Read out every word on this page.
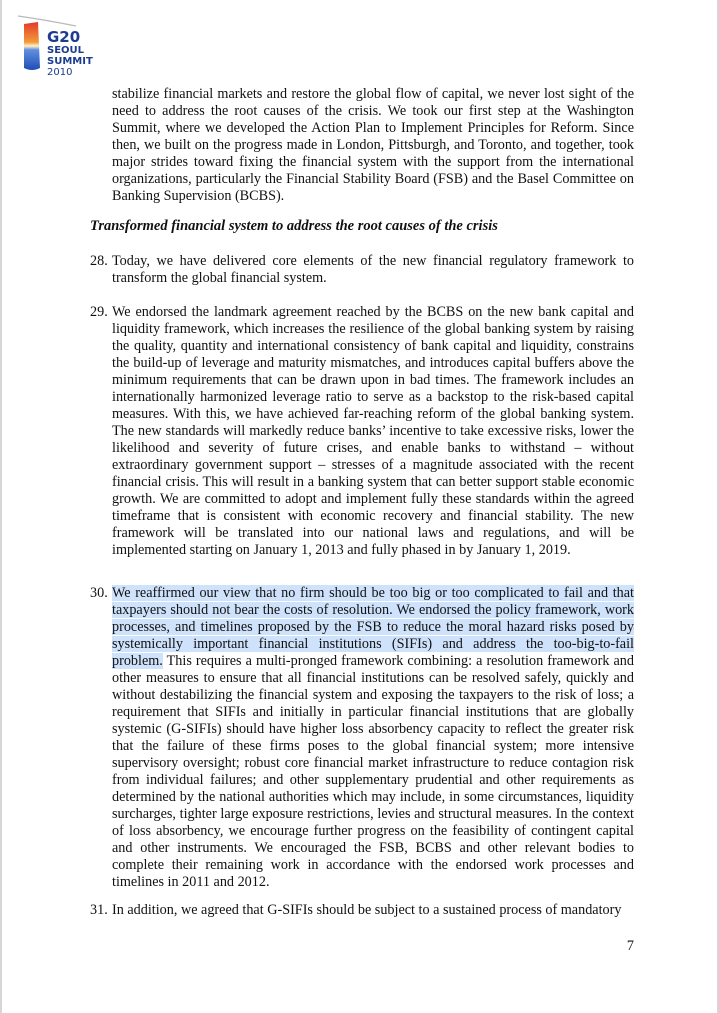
G20
SEOUL
SUMMIT
2010
stabilize financial markets and restore the global flow of capital, we never lost sight of the need to address the root causes of the crisis. We took our first step at the Washington Summit, where we developed the Action Plan to Implement Principles for Reform. Since then, we built on the progress made in London, Pittsburgh, and Toronto, and together, took major strides toward fixing the financial system with the support from the international organizations, particularly the Financial Stability Board (FSB) and the Basel Committee on Banking Supervision (BCBS).
Transformed financial system to address the root causes of the crisis
28. Today, we have delivered core elements of the new financial regulatory framework to transform the global financial system.
29. We endorsed the landmark agreement reached by the BCBS on the new bank capital and liquidity framework, which increases the resilience of the global banking system by raising the quality, quantity and international consistency of bank capital and liquidity, constrains the build-up of leverage and maturity mismatches, and introduces capital buffers above the minimum requirements that can be drawn upon in bad times. The framework includes an internationally harmonized leverage ratio to serve as a backstop to the risk-based capital measures. With this, we have achieved far-reaching reform of the global banking system. The new standards will markedly reduce banks’ incentive to take excessive risks, lower the likelihood and severity of future crises, and enable banks to withstand – without extraordinary government support – stresses of a magnitude associated with the recent financial crisis. This will result in a banking system that can better support stable economic growth. We are committed to adopt and implement fully these standards within the agreed timeframe that is consistent with economic recovery and financial stability. The new framework will be translated into our national laws and regulations, and will be implemented starting on January 1, 2013 and fully phased in by January 1, 2019.
30. We reaffirmed our view that no firm should be too big or too complicated to fail and that taxpayers should not bear the costs of resolution. We endorsed the policy framework, work processes, and timelines proposed by the FSB to reduce the moral hazard risks posed by systemically important financial institutions (SIFIs) and address the too-big-to-fail problem. This requires a multi-pronged framework combining: a resolution framework and other measures to ensure that all financial institutions can be resolved safely, quickly and without destabilizing the financial system and exposing the taxpayers to the risk of loss; a requirement that SIFIs and initially in particular financial institutions that are globally systemic (G-SIFIs) should have higher loss absorbency capacity to reflect the greater risk that the failure of these firms poses to the global financial system; more intensive supervisory oversight; robust core financial market infrastructure to reduce contagion risk from individual failures; and other supplementary prudential and other requirements as determined by the national authorities which may include, in some circumstances, liquidity surcharges, tighter large exposure restrictions, levies and structural measures. In the context of loss absorbency, we encourage further progress on the feasibility of contingent capital and other instruments. We encouraged the FSB, BCBS and other relevant bodies to complete their remaining work in accordance with the endorsed work processes and timelines in 2011 and 2012.
31. In addition, we agreed that G-SIFIs should be subject to a sustained process of mandatory
7
